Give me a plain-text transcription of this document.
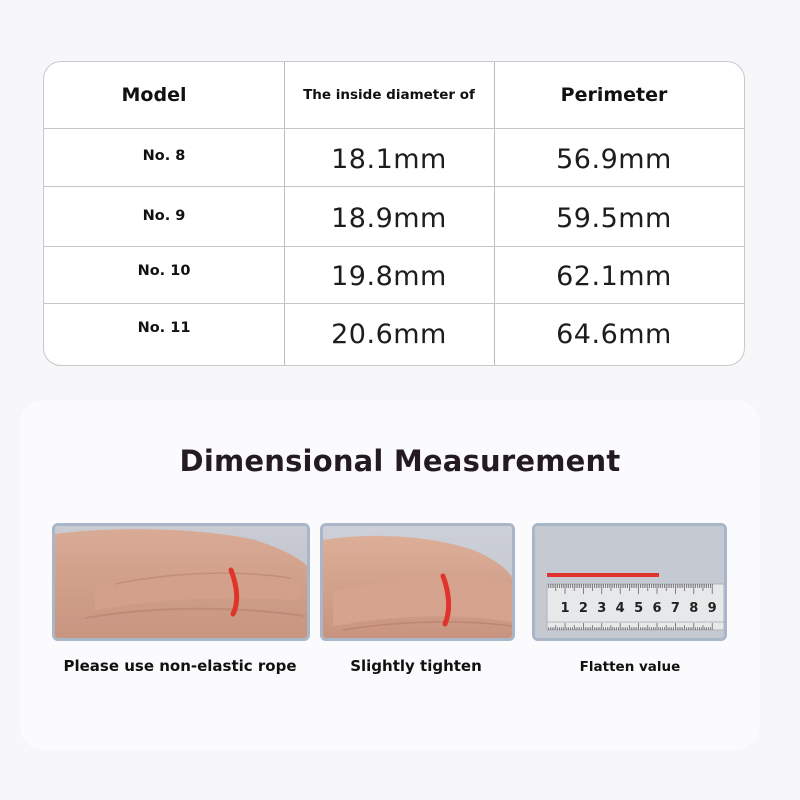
Model	The inside diameter of	Perimeter
No. 8	18.1mm	56.9mm
No. 9	18.9mm	59.5mm
No. 10	19.8mm	62.1mm
No. 11	20.6mm	64.6mm
Dimensional Measurement
1 2 3 4 5 6 7 8 9
Please use non-elastic rope	Slightly tighten	Flatten value
